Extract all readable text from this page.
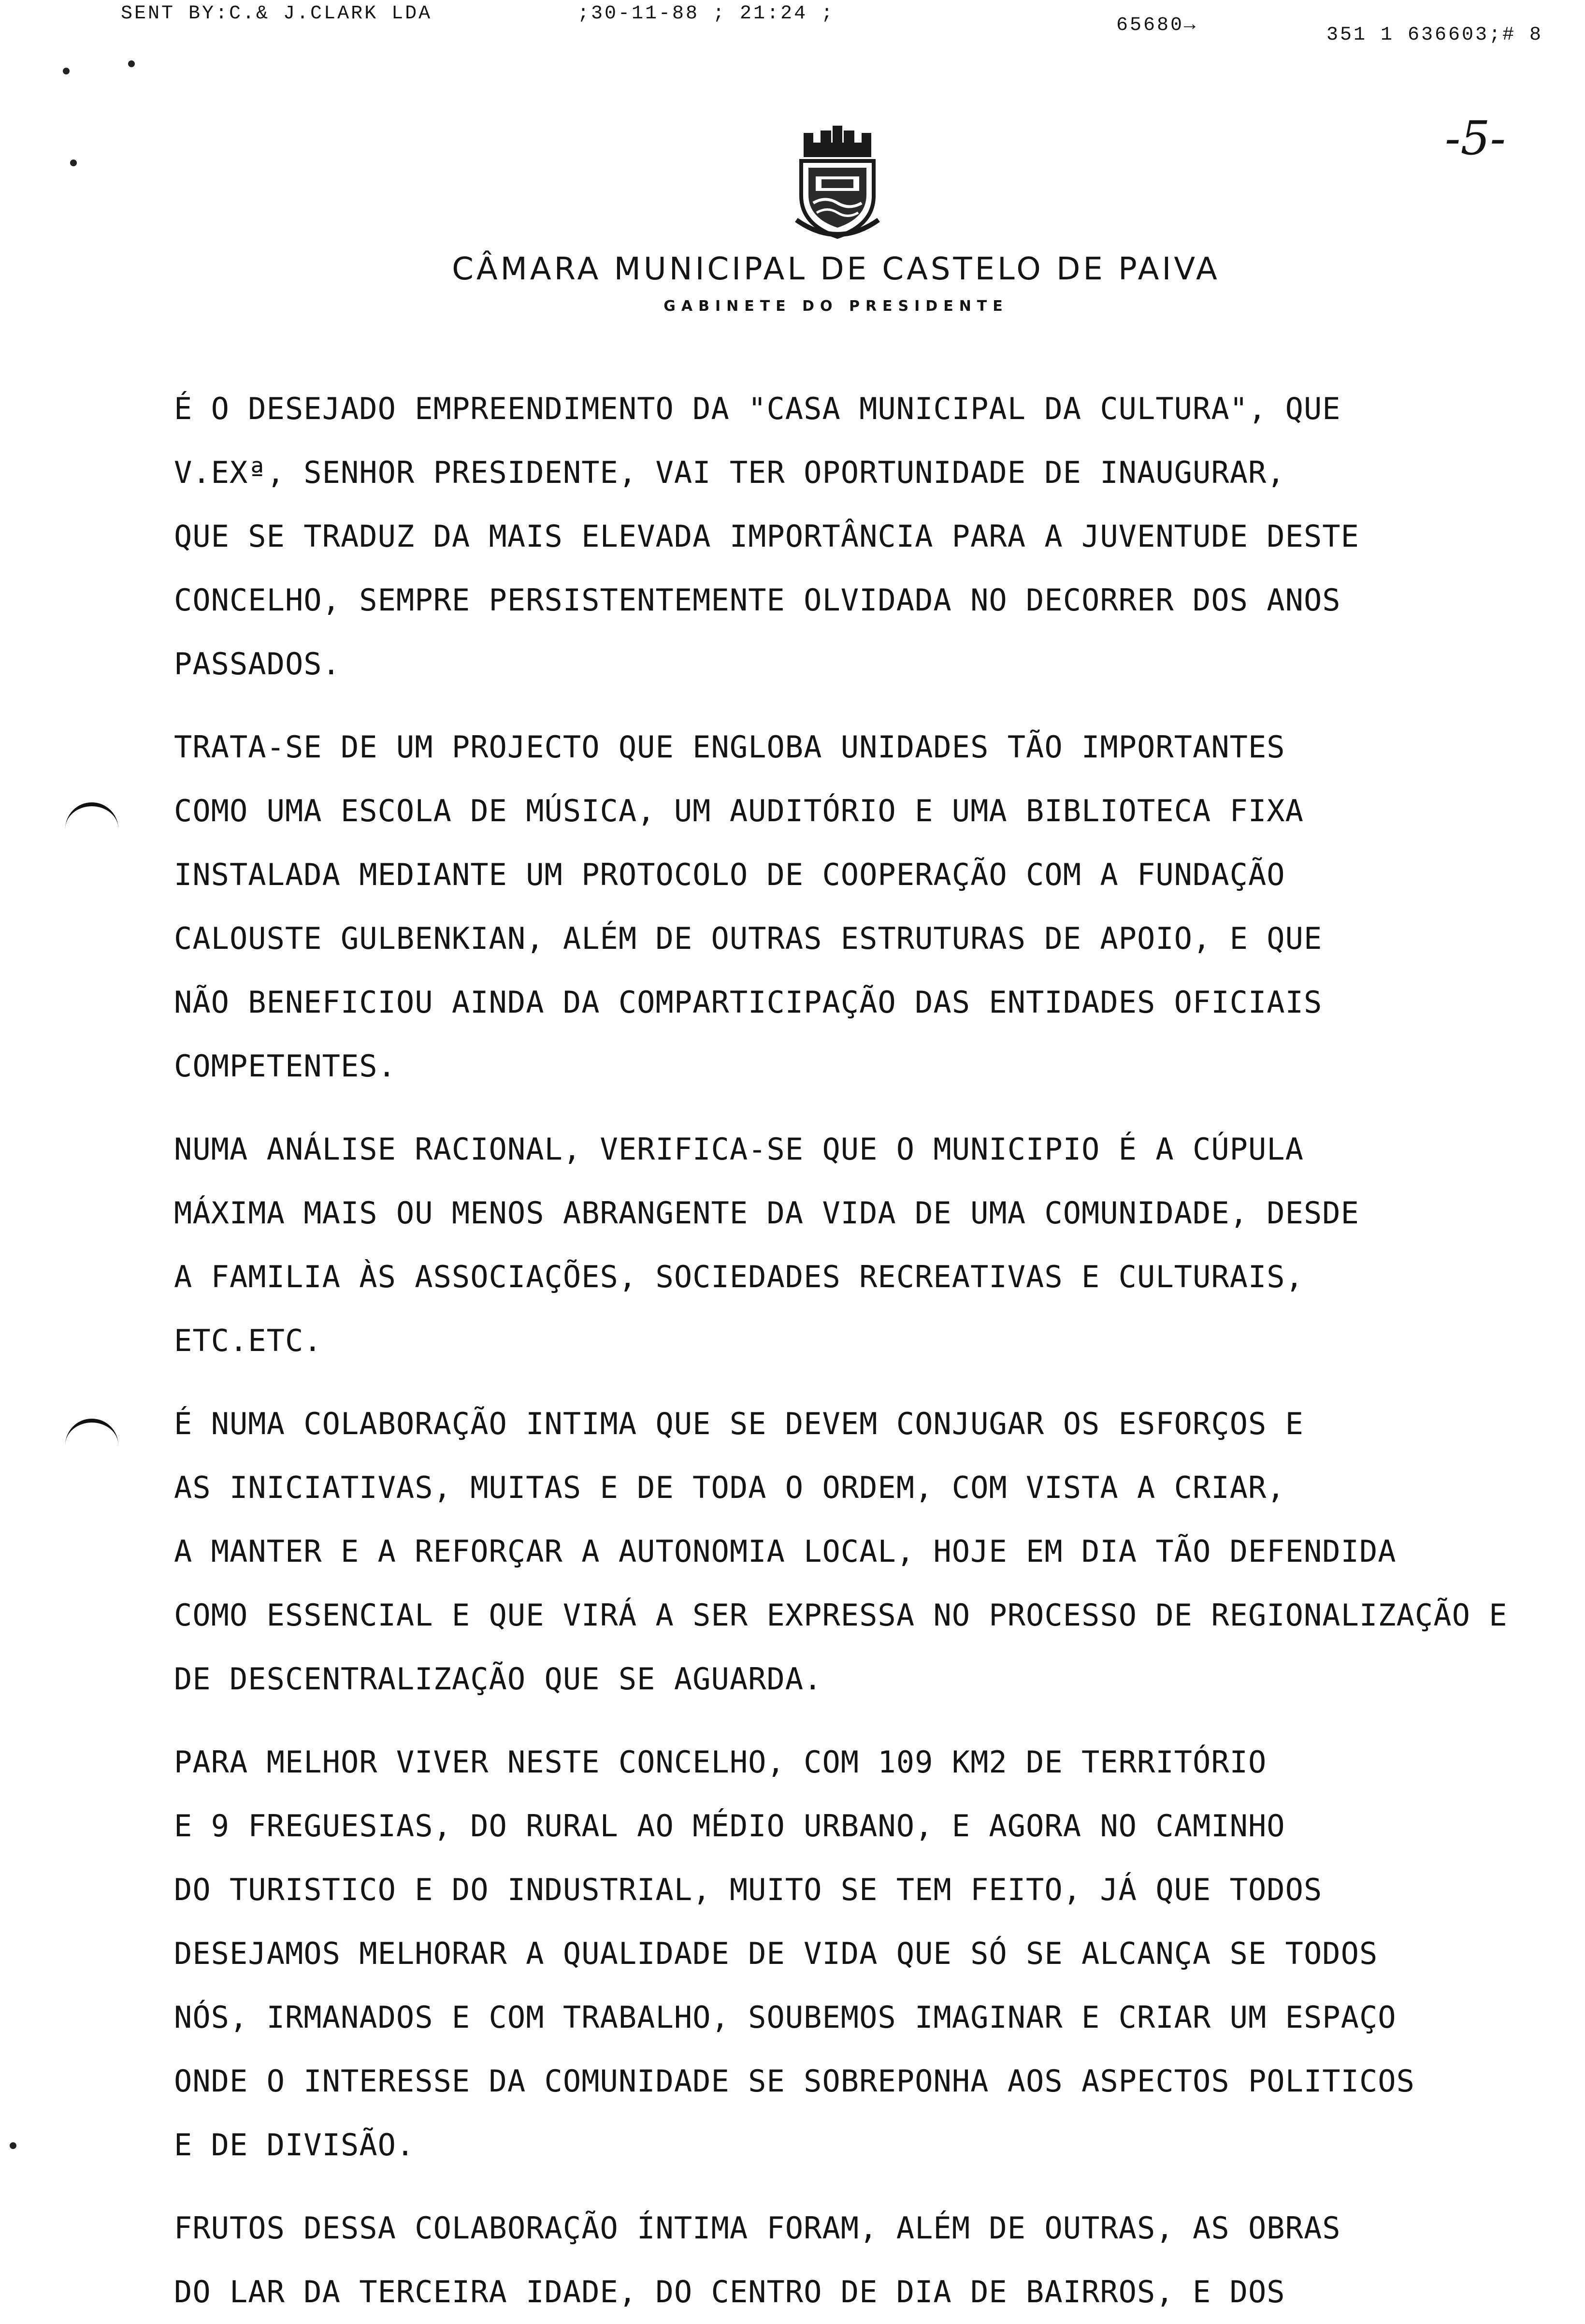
SENT BY:C.& J.CLARK LDA	;30-11-88 ; 21:24 ;
65680→	351 1 636603;# 8
-5-
CÂMARA MUNICIPAL DE CASTELO DE PAIVA
GABINETE DO PRESIDENTE
É O DESEJADO EMPREENDIMENTO DA "CASA MUNICIPAL DA CULTURA", QUE
V.EXª, SENHOR PRESIDENTE, VAI TER OPORTUNIDADE DE INAUGURAR,
QUE SE TRADUZ DA MAIS ELEVADA IMPORTÂNCIA PARA A JUVENTUDE DESTE
CONCELHO, SEMPRE PERSISTENTEMENTE OLVIDADA NO DECORRER DOS ANOS
PASSADOS.
TRATA-SE DE UM PROJECTO QUE ENGLOBA UNIDADES TÃO IMPORTANTES
COMO UMA ESCOLA DE MÚSICA, UM AUDITÓRIO E UMA BIBLIOTECA FIXA
INSTALADA MEDIANTE UM PROTOCOLO DE COOPERAÇÃO COM A FUNDAÇÃO
CALOUSTE GULBENKIAN, ALÉM DE OUTRAS ESTRUTURAS DE APOIO, E QUE
NÃO BENEFICIOU AINDA DA COMPARTICIPAÇÃO DAS ENTIDADES OFICIAIS
COMPETENTES.
NUMA ANÁLISE RACIONAL, VERIFICA-SE QUE O MUNICIPIO É A CÚPULA
MÁXIMA MAIS OU MENOS ABRANGENTE DA VIDA DE UMA COMUNIDADE, DESDE
A FAMILIA ÀS ASSOCIAÇÕES, SOCIEDADES RECREATIVAS E CULTURAIS,
ETC.ETC.
É NUMA COLABORAÇÃO INTIMA QUE SE DEVEM CONJUGAR OS ESFORÇOS E
AS INICIATIVAS, MUITAS E DE TODA O ORDEM, COM VISTA A CRIAR,
A MANTER E A REFORÇAR A AUTONOMIA LOCAL, HOJE EM DIA TÃO DEFENDIDA
COMO ESSENCIAL E QUE VIRÁ A SER EXPRESSA NO PROCESSO DE REGIONALIZAÇÃO E
DE DESCENTRALIZAÇÃO QUE SE AGUARDA.
PARA MELHOR VIVER NESTE CONCELHO, COM 109 KM2 DE TERRITÓRIO
E 9 FREGUESIAS, DO RURAL AO MÉDIO URBANO, E AGORA NO CAMINHO
DO TURISTICO E DO INDUSTRIAL, MUITO SE TEM FEITO, JÁ QUE TODOS
DESEJAMOS MELHORAR A QUALIDADE DE VIDA QUE SÓ SE ALCANÇA SE TODOS
NÓS, IRMANADOS E COM TRABALHO, SOUBEMOS IMAGINAR E CRIAR UM ESPAÇO
ONDE O INTERESSE DA COMUNIDADE SE SOBREPONHA AOS ASPECTOS POLITICOS
E DE DIVISÃO.
FRUTOS DESSA COLABORAÇÃO ÍNTIMA FORAM, ALÉM DE OUTRAS, AS OBRAS
DO LAR DA TERCEIRA IDADE, DO CENTRO DE DIA DE BAIRROS, E DOS
